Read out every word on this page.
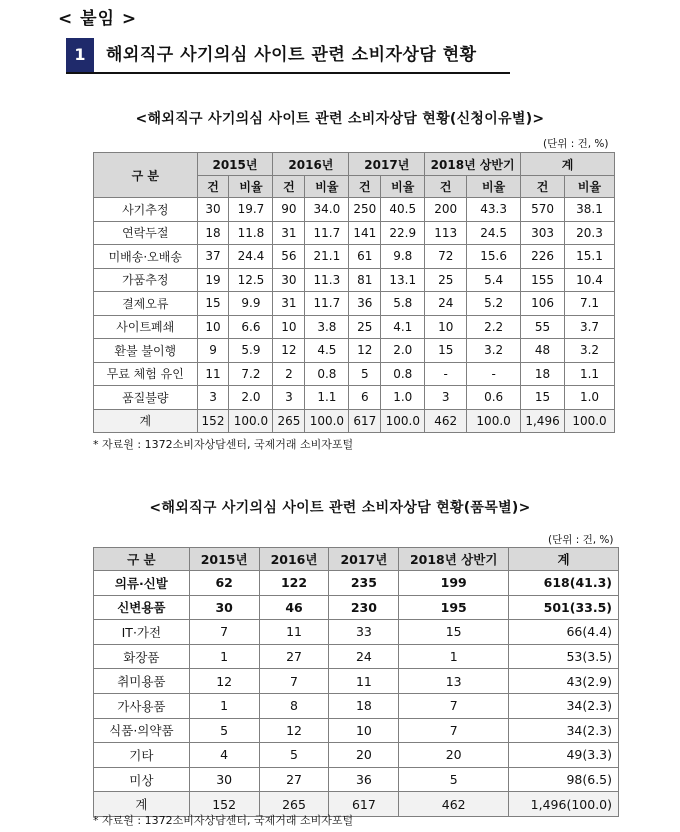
< 붙임 >
1	해외직구 사기의심 사이트 관련 소비자상담 현황
<해외직구 사기의심 사이트 관련 소비자상담 현황(신청이유별)>
(단위 : 건, %)
구 분	2015년		2016년		2017년		2018년 상반기		계	
	건	비율	건	비율	건	비율	건	비율	건	비율
사기추정	30	19.7	90	34.0	250	40.5	200	43.3	570	38.1
연락두절	18	11.8	31	11.7	141	22.9	113	24.5	303	20.3
미배송·오배송	37	24.4	56	21.1	61	9.8	72	15.6	226	15.1
가품추정	19	12.5	30	11.3	81	13.1	25	5.4	155	10.4
결제오류	15	9.9	31	11.7	36	5.8	24	5.2	106	7.1
사이트폐쇄	10	6.6	10	3.8	25	4.1	10	2.2	55	3.7
환불 불이행	9	5.9	12	4.5	12	2.0	15	3.2	48	3.2
무료 체험 유인	11	7.2	2	0.8	5	0.8	-	-	18	1.1
품질불량	3	2.0	3	1.1	6	1.0	3	0.6	15	1.0
계	152	100.0	265	100.0	617	100.0	462	100.0	1,496	100.0
* 자료원 : 1372소비자상담센터, 국제거래 소비자포털
<해외직구 사기의심 사이트 관련 소비자상담 현황(품목별)>
(단위 : 건, %)
구 분	2015년	2016년	2017년	2018년 상반기	계
의류·신발	62	122	235	199	618(41.3)
신변용품	30	46	230	195	501(33.5)
IT·가전	7	11	33	15	66(4.4)
화장품	1	27	24	1	53(3.5)
취미용품	12	7	11	13	43(2.9)
가사용품	1	8	18	7	34(2.3)
식품·의약품	5	12	10	7	34(2.3)
기타	4	5	20	20	49(3.3)
미상	30	27	36	5	98(6.5)
계	152	265	617	462	1,496(100.0)
* 자료원 : 1372소비자상담센터, 국제거래 소비자포털
